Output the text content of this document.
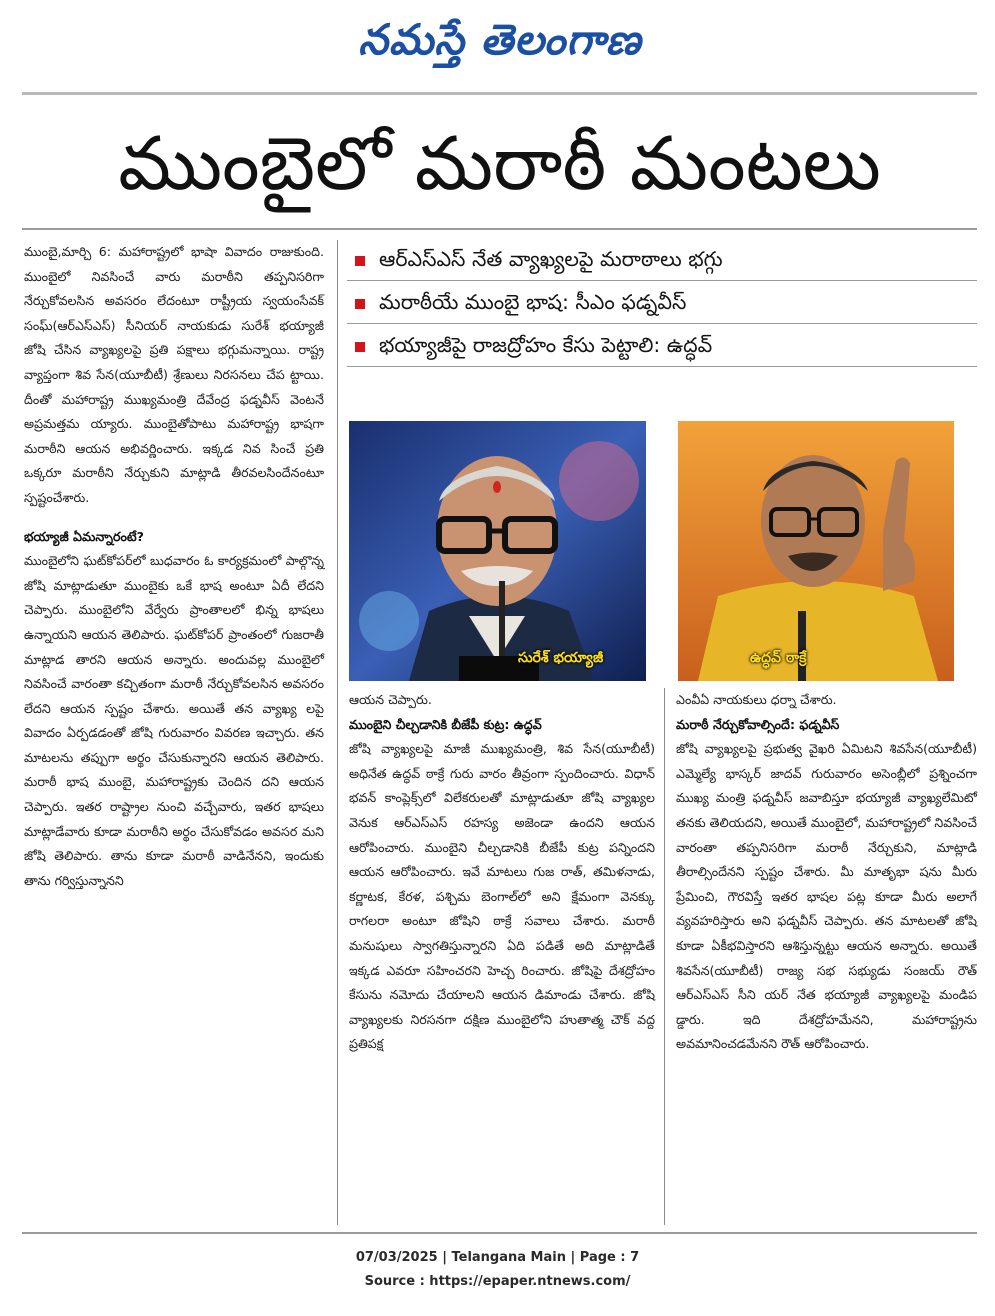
నమస్తే తెలంగాణ
ముంబైలో మరాఠీ మంటలు

ముంబై,మార్చి 6: మహారాష్ట్రలో భాషా వివాదం రాజుకుంది. ముంబైలో నివసించే వారు మరాఠీని తప్పనిసరిగా నేర్చుకోవలసిన అవసరం లేదంటూ రాష్ట్రీయ స్వయంసేవక్ సంఘ్(ఆర్‌ఎస్‌ఎస్) సీనియర్ నాయకుడు సురేశ్ భయ్యాజీ జోషి చేసిన వ్యాఖ్యలపై ప్రతి పక్షాలు భగ్గుమన్నాయి. రాష్ట్ర వ్యాప్తంగా శివ సేన(యూబీటీ) శ్రేణులు నిరసనలు చేప ట్టాయి. దీంతో మహారాష్ట్ర ముఖ్యమంత్రి దేవేంద్ర ఫడ్నవీస్ వెంటనే అప్రమత్తమ య్యారు. ముంబైతోపాటు మహారాష్ట్ర భాషగా మరాఠీని ఆయన అభివర్ణించారు. ఇక్కడ నివ సించే ప్రతి ఒక్కరూ మరాఠీని నేర్చుకుని మాట్లాడి తీరవలసిందేనంటూ స్పష్టంచేశారు.

భయ్యాజీ ఏమన్నారంటే?

ముంబైలోని ఘట్‌కోపర్‌లో బుధవారం ఓ కార్యక్రమంలో పాల్గొన్న జోషి మాట్లాడుతూ ముంబైకు ఒకే భాష అంటూ ఏదీ లేదని చెప్పారు. ముంబైలోని వేర్వేరు ప్రాంతాలలో భిన్న భాషలు ఉన్నాయని ఆయన తెలిపారు. ఘట్‌కోపర్ ప్రాంతంలో గుజరాతీ మాట్లాడ తారని ఆయన అన్నారు. అందువల్ల ముంబైలో నివసించే వారంతా కచ్చితంగా మరాఠీ నేర్చుకోవలసిన అవసరం లేదని ఆయన స్పష్టం చేశారు. అయితే తన వ్యాఖ్య లపై వివాదం ఏర్పడడంతో జోషి గురువారం వివరణ ఇచ్చారు. తన మాటలను తప్పుగా అర్థం చేసుకున్నారని ఆయన తెలిపారు. మరాఠీ భాష ముంబై, మహారాష్ట్రకు చెందిన దని ఆయన చెప్పారు. ఇతర రాష్ట్రాల నుంచి వచ్చేవారు, ఇతర భాషలు మాట్లాడేవారు కూడా మరాఠీని అర్థం చేసుకోవడం అవసర మని జోషి తెలిపారు. తాను కూడా మరాఠీ వాడినేనని, ఇందుకు తాను గర్విస్తున్నానని

ఆర్‌ఎస్‌ఎస్ నేత వ్యాఖ్యలపై మరాఠాలు భగ్గు
మరాఠీయే ముంబై భాష: సీఎం ఫడ్నవీస్
భయ్యాజీపై రాజద్రోహం కేసు పెట్టాలి: ఉద్ధవ్
సురేశ్ భయ్యాజీ	ఉద్ధవ్ ఠాక్రే

ఆయన చెప్పారు.

ముంబైని చీల్చడానికి బీజేపీ కుట్ర: ఉద్ధవ్

జోషి వ్యాఖ్యలపై మాజీ ముఖ్యమంత్రి, శివ సేన(యూబీటీ) అధినేత ఉద్ధవ్ ఠాక్రే గురు వారం తీవ్రంగా స్పందించారు. విధాన్ భవన్ కాంప్లెక్స్‌లో విలేకరులతో మాట్లాడుతూ జోషి వ్యాఖ్యల వెనుక ఆర్‌ఎస్‌ఎస్ రహస్య అజెండా ఉందని ఆయన ఆరోపించారు. ముంబైని చీల్చడానికి బీజేపీ కుట్ర పన్నిందని ఆయన ఆరోపించారు. ఇవే మాటలు గుజ రాత్, తమిళనాడు, కర్ణాటక, కేరళ, పశ్చిమ బెంగాల్‌లో అని క్షేమంగా వెనక్కు రాగలరా అంటూ జోషిని ఠాక్రే సవాలు చేశారు. మరాఠీ మనుషులు స్వాగతిస్తున్నారని ఏది పడితే అది మాట్లాడితే ఇక్కడ ఎవరూ సహించరని హెచ్చ రించారు. జోషిపై దేశద్రోహం కేసును నమోదు చేయాలని ఆయన డిమాండు చేశారు. జోషి వ్యాఖ్యలకు నిరసనగా దక్షిణ ముంబైలోని హుతాత్మ చౌక్ వద్ద ప్రతిపక్ష

ఎంవీఏ నాయకులు ధర్నా చేశారు.

మరాఠీ నేర్చుకోవాల్సిందే: ఫడ్నవీస్

జోషి వ్యాఖ్యలపై ప్రభుత్వ వైఖరి ఏమిటని శివసేన(యూబీటీ) ఎమ్మెల్యే భాస్కర్ జాదవ్ గురువారం అసెంబ్లీలో ప్రశ్నించగా ముఖ్య మంత్రి ఫడ్నవీస్ జవాబిస్తూ భయ్యాజీ వ్యాఖ్యలేమిటో తనకు తెలియదని, అయితే ముంబైలో, మహారాష్ట్రలో నివసించే వారంతా తప్పనిసరిగా మరాఠీ నేర్చుకుని, మాట్లాడి తీరాల్సిందేనని స్పష్టం చేశారు. మీ మాతృభా షను మీరు ప్రేమించి, గౌరవిస్తే ఇతర భాషల పట్ల కూడా మీరు అలాగే వ్యవహరిస్తారు అని ఫడ్నవీస్ చెప్పారు. తన మాటలతో జోషి కూడా ఏకీభవిస్తారని ఆశిస్తున్నట్టు ఆయన అన్నారు. అయితే శివసేన(యూబీటీ) రాజ్య సభ సభ్యుడు సంజయ్ రౌత్ ఆర్‌ఎస్‌ఎస్ సీని యర్ నేత భయ్యాజీ వ్యాఖ్యలపై మండిప డ్డారు. ఇది దేశద్రోహమేనని, మహారాష్ట్రను అవమానించడమేనని రౌత్ ఆరోపించారు.

07/03/2025 | Telangana Main | Page : 7
Source : https://epaper.ntnews.com/
